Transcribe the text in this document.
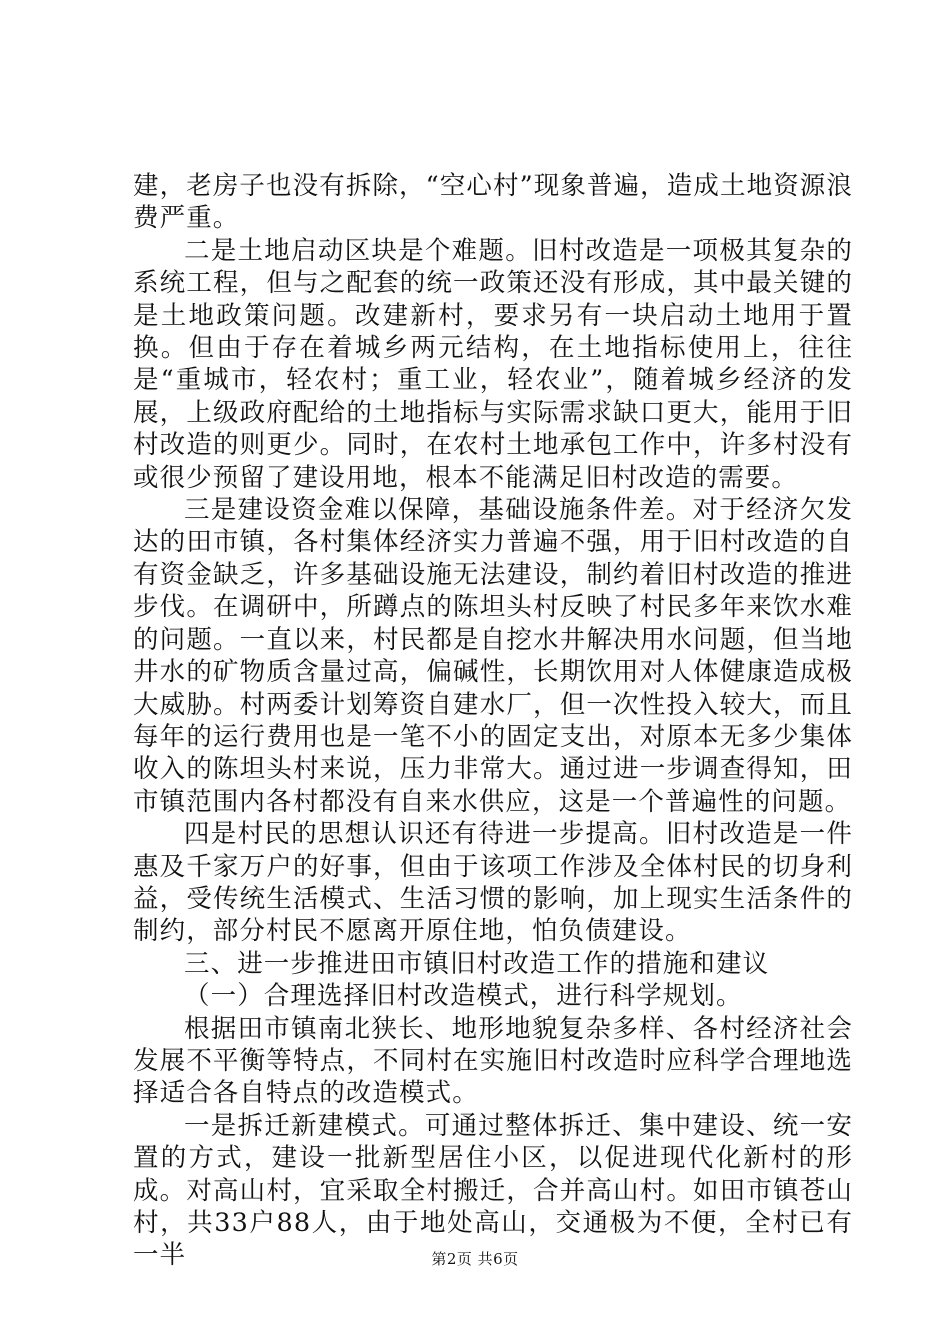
建，老房子也没有拆除，“空心村”现象普遍，造成土地资源浪费严重。

二是土地启动区块是个难题。旧村改造是一项极其复杂的系统工程，但与之配套的统一政策还没有形成，其中最关键的是土地政策问题。改建新村，要求另有一块启动土地用于置换。但由于存在着城乡两元结构，在土地指标使用上，往往是“重城市，轻农村；重工业，轻农业”，随着城乡经济的发展，上级政府配给的土地指标与实际需求缺口更大，能用于旧村改造的则更少。同时，在农村土地承包工作中，许多村没有或很少预留了建设用地，根本不能满足旧村改造的需要。

三是建设资金难以保障，基础设施条件差。对于经济欠发达的田市镇，各村集体经济实力普遍不强，用于旧村改造的自有资金缺乏，许多基础设施无法建设，制约着旧村改造的推进步伐。在调研中，所蹲点的陈坦头村反映了村民多年来饮水难的问题。一直以来，村民都是自挖水井解决用水问题，但当地井水的矿物质含量过高，偏碱性，长期饮用对人体健康造成极大威胁。村两委计划筹资自建水厂，但一次性投入较大，而且每年的运行费用也是一笔不小的固定支出，对原本无多少集体收入的陈坦头村来说，压力非常大。通过进一步调查得知，田市镇范围内各村都没有自来水供应，这是一个普遍性的问题。

四是村民的思想认识还有待进一步提高。旧村改造是一件惠及千家万户的好事，但由于该项工作涉及全体村民的切身利益，受传统生活模式、生活习惯的影响，加上现实生活条件的制约，部分村民不愿离开原住地，怕负债建设。

三、进一步推进田市镇旧村改造工作的措施和建议

（一）合理选择旧村改造模式，进行科学规划。

根据田市镇南北狭长、地形地貌复杂多样、各村经济社会发展不平衡等特点，不同村在实施旧村改造时应科学合理地选择适合各自特点的改造模式。

一是拆迁新建模式。可通过整体拆迁、集中建设、统一安置的方式，建设一批新型居住小区，以促进现代化新村的形成。对高山村，宜采取全村搬迁，合并高山村。如田市镇苍山村，共33户88人，由于地处高山，交通极为不便，全村已有一半	第2页 共6页
